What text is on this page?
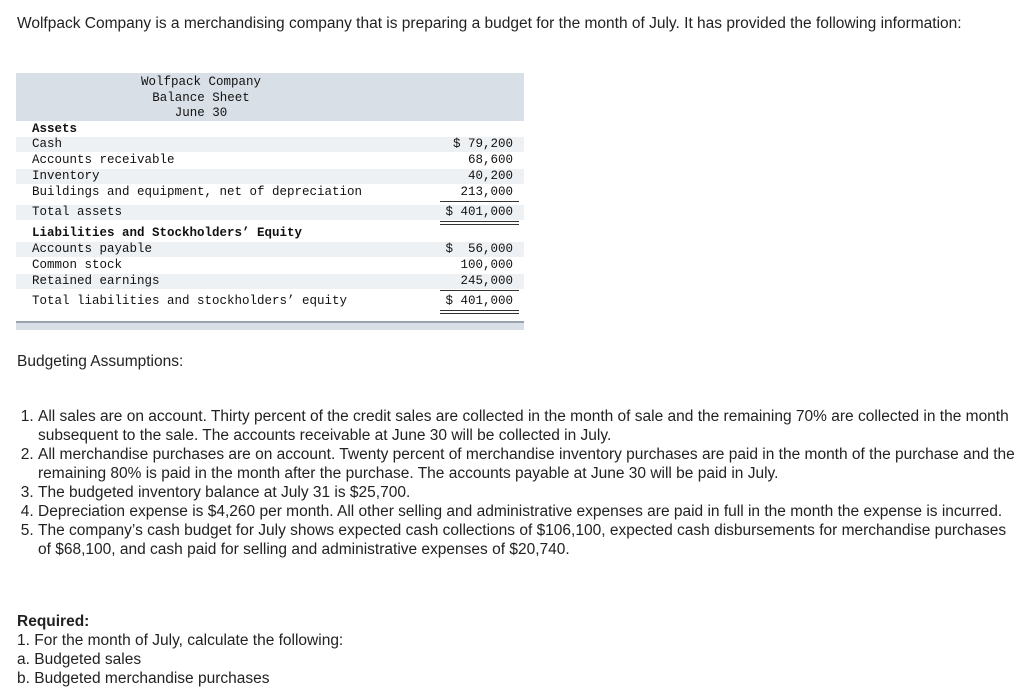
Wolfpack Company is a merchandising company that is preparing a budget for the month of July. It has provided the following information:

Wolfpack Company
Balance Sheet
June 30
Assets
Cash	$ 79,200
Accounts receivable	68,600
Inventory	40,200
Buildings and equipment, net of depreciation	213,000
Total assets	$ 401,000
Liabilities and Stockholders’ Equity
Accounts payable	$  56,000
Common stock	100,000
Retained earnings	245,000
Total liabilities and stockholders’ equity	$ 401,000

Budgeting Assumptions:

1. All sales are on account. Thirty percent of the credit sales are collected in the month of sale and the remaining 70% are collected in the month subsequent to the sale. The accounts receivable at June 30 will be collected in July.
2. All merchandise purchases are on account. Twenty percent of merchandise inventory purchases are paid in the month of the purchase and the remaining 80% is paid in the month after the purchase. The accounts payable at June 30 will be paid in July.
3. The budgeted inventory balance at July 31 is $25,700.
4. Depreciation expense is $4,260 per month. All other selling and administrative expenses are paid in full in the month the expense is incurred.
5. The company’s cash budget for July shows expected cash collections of $106,100, expected cash disbursements for merchandise purchases of $68,100, and cash paid for selling and administrative expenses of $20,740.

Required:

1. For the month of July, calculate the following:

a. Budgeted sales

b. Budgeted merchandise purchases
